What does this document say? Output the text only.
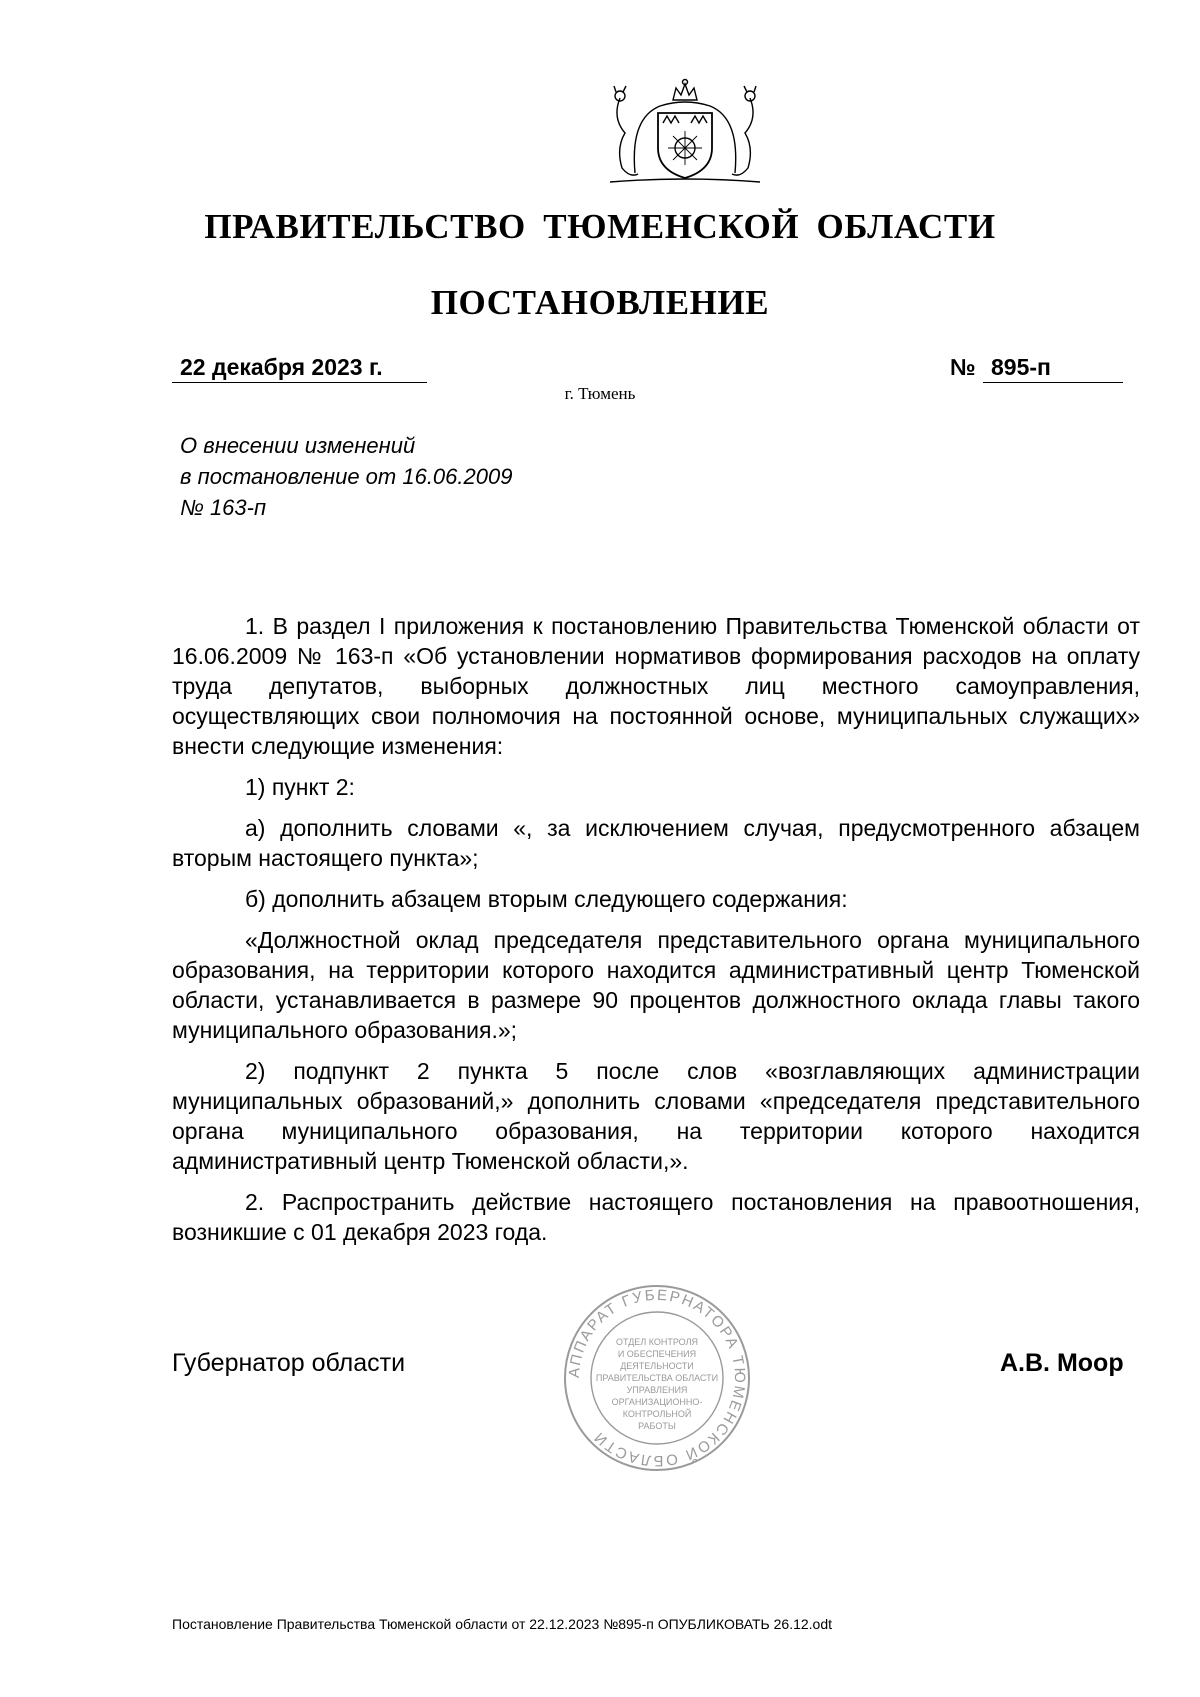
ПРАВИТЕЛЬСТВО ТЮМЕНСКОЙ ОБЛАСТИ
ПОСТАНОВЛЕНИЕ
22 декабря 2023 г.	№ 895-п
г. Тюмень
О внесении изменений
в постановление от 16.06.2009
№ 163-п

1. В раздел I приложения к постановлению Правительства Тюменской области от 16.06.2009 № 163-п «Об установлении нормативов формирования расходов на оплату труда депутатов, выборных должностных лиц местного самоуправления, осуществляющих свои полномочия на постоянной основе, муниципальных служащих» внести следующие изменения:

1) пункт 2:

а) дополнить словами «, за исключением случая, предусмотренного абзацем вторым настоящего пункта»;

б) дополнить абзацем вторым следующего содержания:

«Должностной оклад председателя представительного органа муниципального образования, на территории которого находится административный центр Тюменской области, устанавливается в размере 90 процентов должностного оклада главы такого муниципального образования.»;

2) подпункт 2 пункта 5 после слов «возглавляющих администрации муниципальных образований,» дополнить словами «председателя представительного органа муниципального образования, на территории которого находится административный центр Тюменской области,».

2. Распространить действие настоящего постановления на правоотношения, возникшие с 01 декабря 2023 года.

Губернатор области	А.В. Моор
АППАРАТ ГУБЕРНАТОРА ТЮМЕНСКОЙ ОБЛАСТИ
ОТДЕЛ КОНТРОЛЯ
И ОБЕСПЕЧЕНИЯ
ДЕЯТЕЛЬНОСТИ
ПРАВИТЕЛЬСТВА ОБЛАСТИ
УПРАВЛЕНИЯ
ОРГАНИЗАЦИОННО-
КОНТРОЛЬНОЙ
РАБОТЫ
Постановление Правительства Тюменской области от 22.12.2023 №895-п ОПУБЛИКОВАТЬ 26.12.odt
